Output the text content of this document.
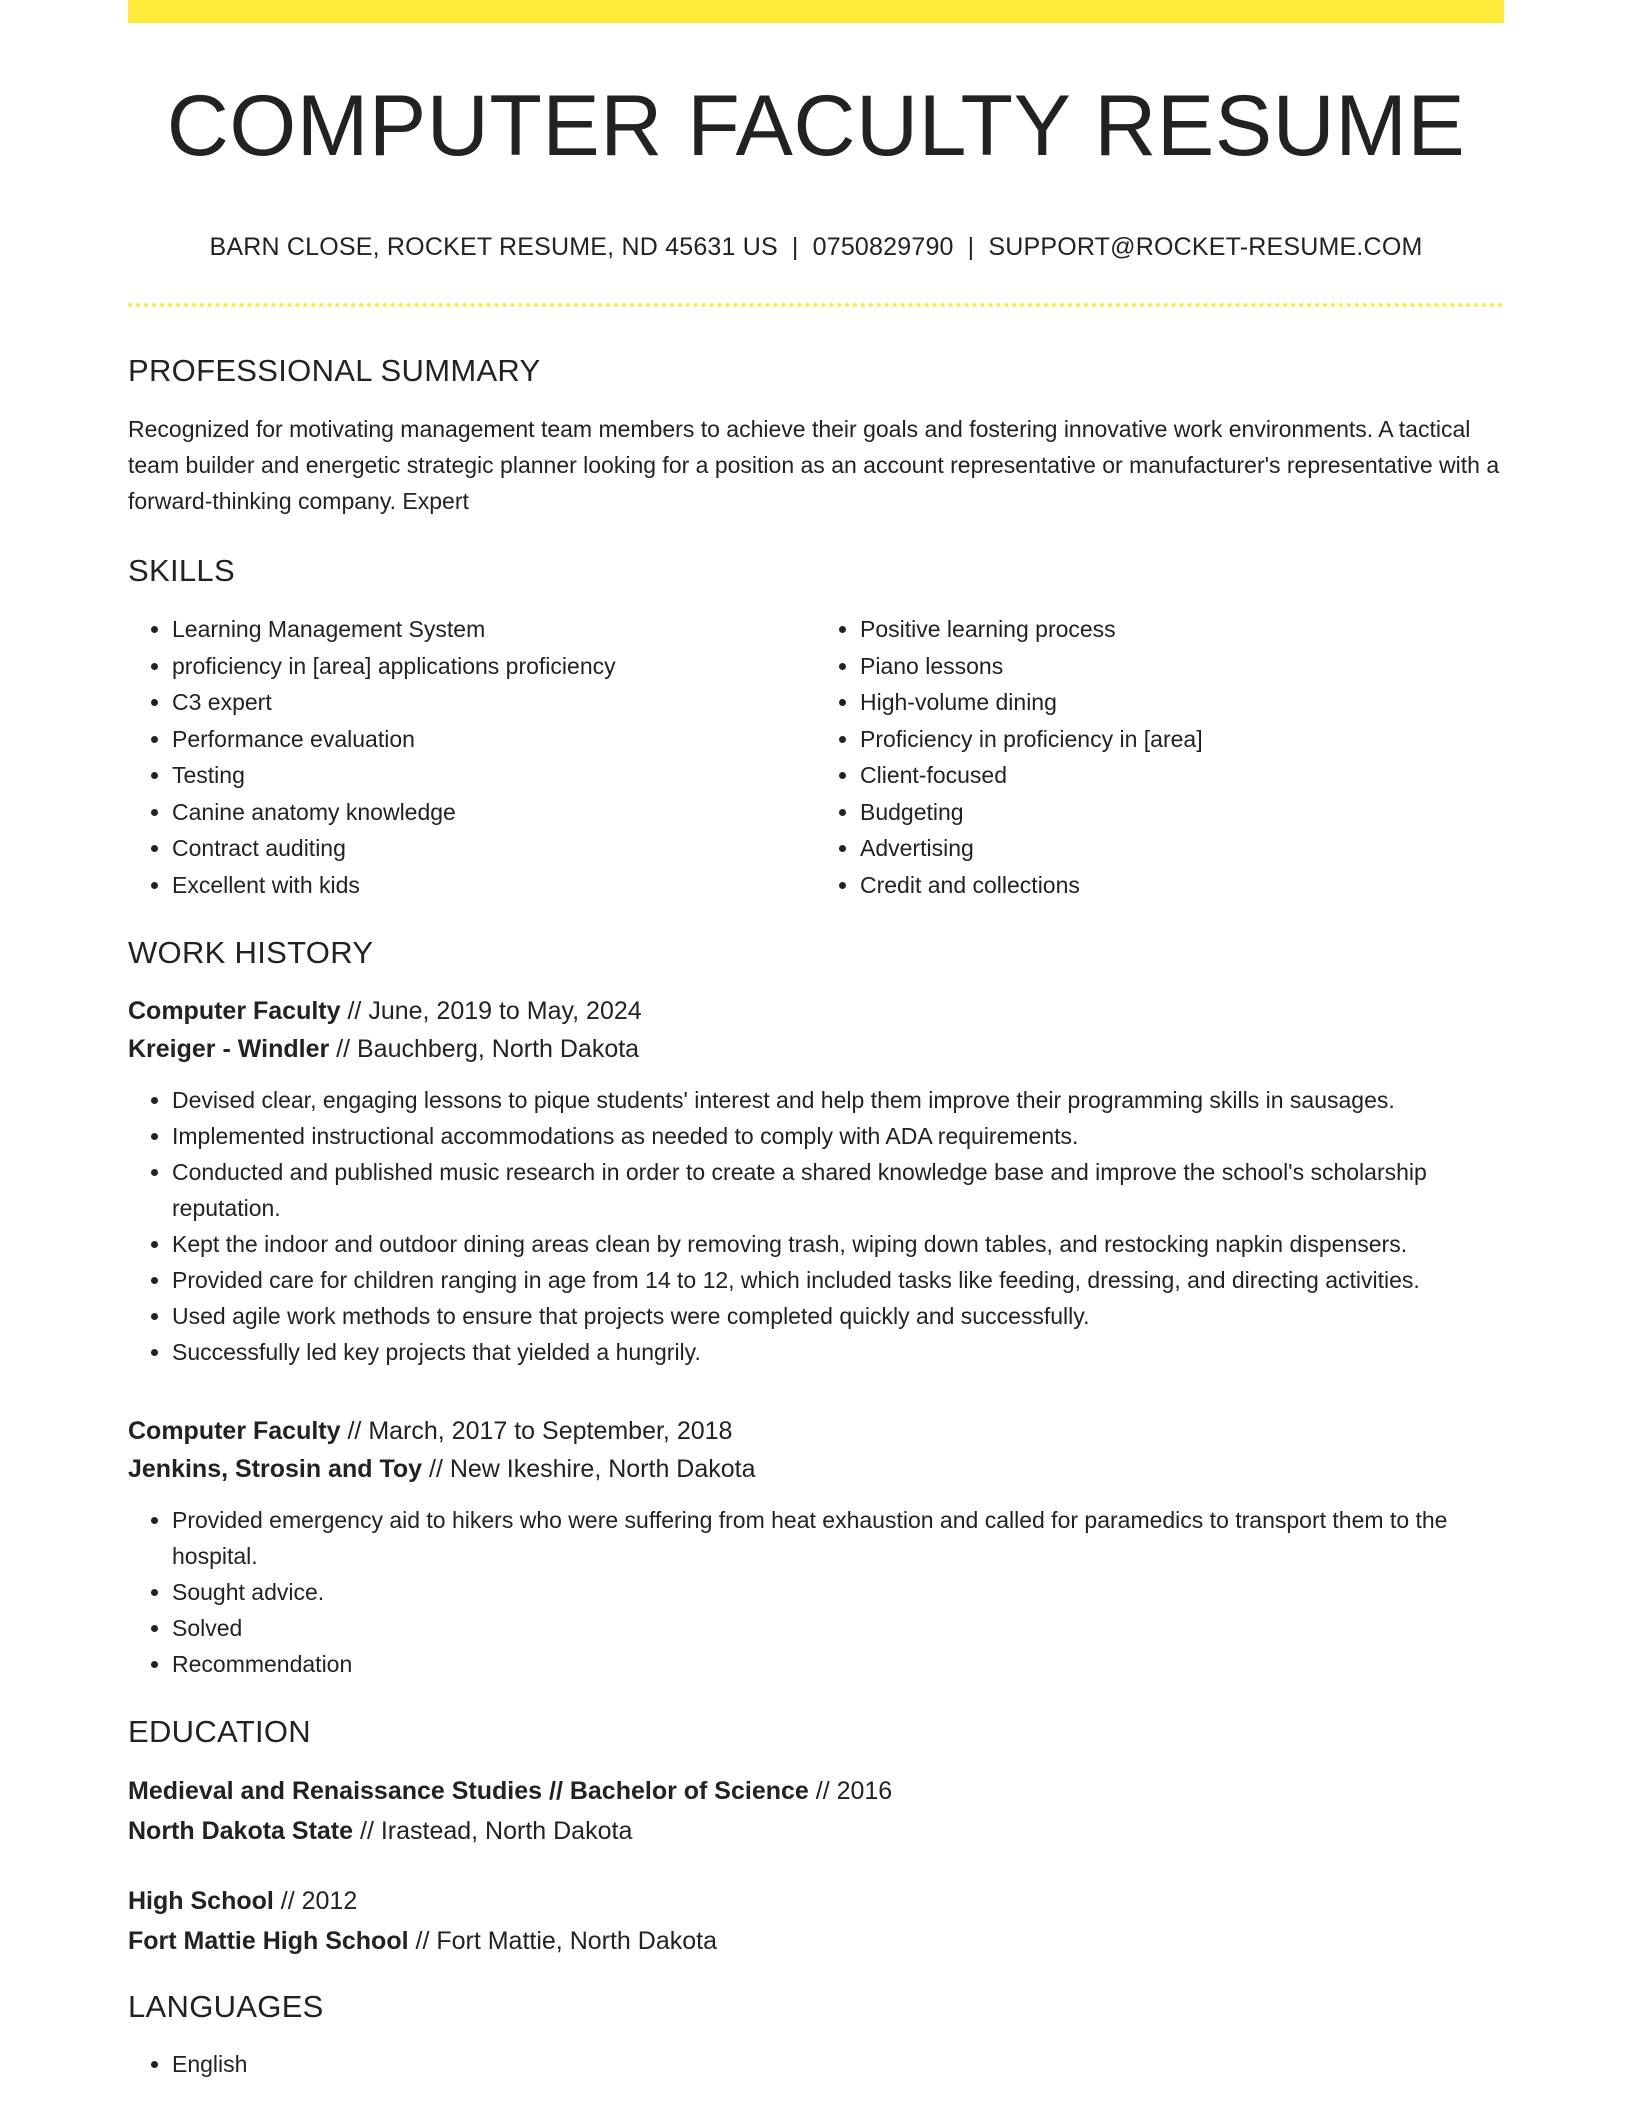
COMPUTER FACULTY RESUME
BARN CLOSE, ROCKET RESUME, ND 45631 US | 0750829790 | SUPPORT@ROCKET-RESUME.COM
PROFESSIONAL SUMMARY

Recognized for motivating management team members to achieve their goals and fostering innovative work environments. A tactical team builder and energetic strategic planner looking for a position as an account representative or manufacturer's representative with a forward-thinking company. Expert

SKILLS
• Learning Management System
• proficiency in [area] applications proficiency
• C3 expert
• Performance evaluation
• Testing
• Canine anatomy knowledge
• Contract auditing
• Excellent with kids
• Positive learning process
• Piano lessons
• High-volume dining
• Proficiency in proficiency in [area]
• Client-focused
• Budgeting
• Advertising
• Credit and collections
WORK HISTORY
Computer Faculty // June, 2019 to May, 2024
Kreiger - Windler // Bauchberg, North Dakota
• Devised clear, engaging lessons to pique students' interest and help them improve their programming skills in sausages.
• Implemented instructional accommodations as needed to comply with ADA requirements.
• Conducted and published music research in order to create a shared knowledge base and improve the school's scholarship reputation.
• Kept the indoor and outdoor dining areas clean by removing trash, wiping down tables, and restocking napkin dispensers.
• Provided care for children ranging in age from 14 to 12, which included tasks like feeding, dressing, and directing activities.
• Used agile work methods to ensure that projects were completed quickly and successfully.
• Successfully led key projects that yielded a hungrily.
Computer Faculty // March, 2017 to September, 2018
Jenkins, Strosin and Toy // New Ikeshire, North Dakota
• Provided emergency aid to hikers who were suffering from heat exhaustion and called for paramedics to transport them to the hospital.
• Sought advice.
• Solved
• Recommendation
EDUCATION
Medieval and Renaissance Studies // Bachelor of Science // 2016
North Dakota State // Irastead, North Dakota
High School // 2012
Fort Mattie High School // Fort Mattie, North Dakota
LANGUAGES
• English
